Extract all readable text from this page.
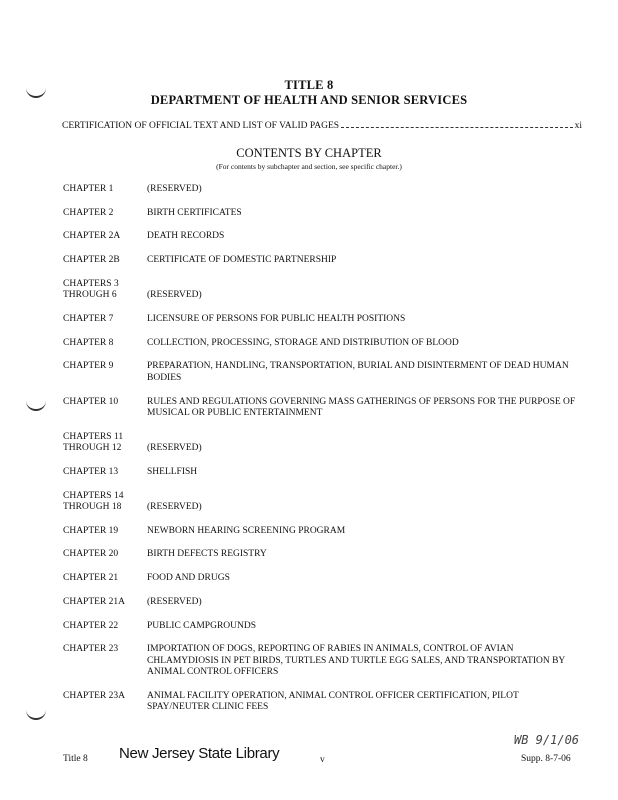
TITLE 8
DEPARTMENT OF HEALTH AND SENIOR SERVICES
CERTIFICATION OF OFFICIAL TEXT AND LIST OF VALID PAGES	xi
CONTENTS BY CHAPTER
(For contents by subchapter and section, see specific chapter.)
CHAPTER 1	(RESERVED)
CHAPTER 2	BIRTH CERTIFICATES
CHAPTER 2A	DEATH RECORDS
CHAPTER 2B	CERTIFICATE OF DOMESTIC PARTNERSHIP
CHAPTERS 3
THROUGH 6	(RESERVED)
CHAPTER 7	LICENSURE OF PERSONS FOR PUBLIC HEALTH POSITIONS
CHAPTER 8	COLLECTION, PROCESSING, STORAGE AND DISTRIBUTION OF BLOOD
CHAPTER 9	PREPARATION, HANDLING, TRANSPORTATION, BURIAL AND DISINTERMENT OF DEAD HUMAN BODIES
CHAPTER 10	RULES AND REGULATIONS GOVERNING MASS GATHERINGS OF PERSONS FOR THE PURPOSE OF MUSICAL OR PUBLIC ENTERTAINMENT
CHAPTERS 11
THROUGH 12	(RESERVED)
CHAPTER 13	SHELLFISH
CHAPTERS 14
THROUGH 18	(RESERVED)
CHAPTER 19	NEWBORN HEARING SCREENING PROGRAM
CHAPTER 20	BIRTH DEFECTS REGISTRY
CHAPTER 21	FOOD AND DRUGS
CHAPTER 21A	(RESERVED)
CHAPTER 22	PUBLIC CAMPGROUNDS
CHAPTER 23	IMPORTATION OF DOGS, REPORTING OF RABIES IN ANIMALS, CONTROL OF AVIAN CHLAMYDIOSIS IN PET BIRDS, TURTLES AND TURTLE EGG SALES, AND TRANSPORTATION BY ANIMAL CONTROL OFFICERS
CHAPTER 23A	ANIMAL FACILITY OPERATION, ANIMAL CONTROL OFFICER CERTIFICATION, PILOT SPAY/NEUTER CLINIC FEES
Title 8 New Jersey State Library	v
WB 9/1/06
Supp. 8-7-06
